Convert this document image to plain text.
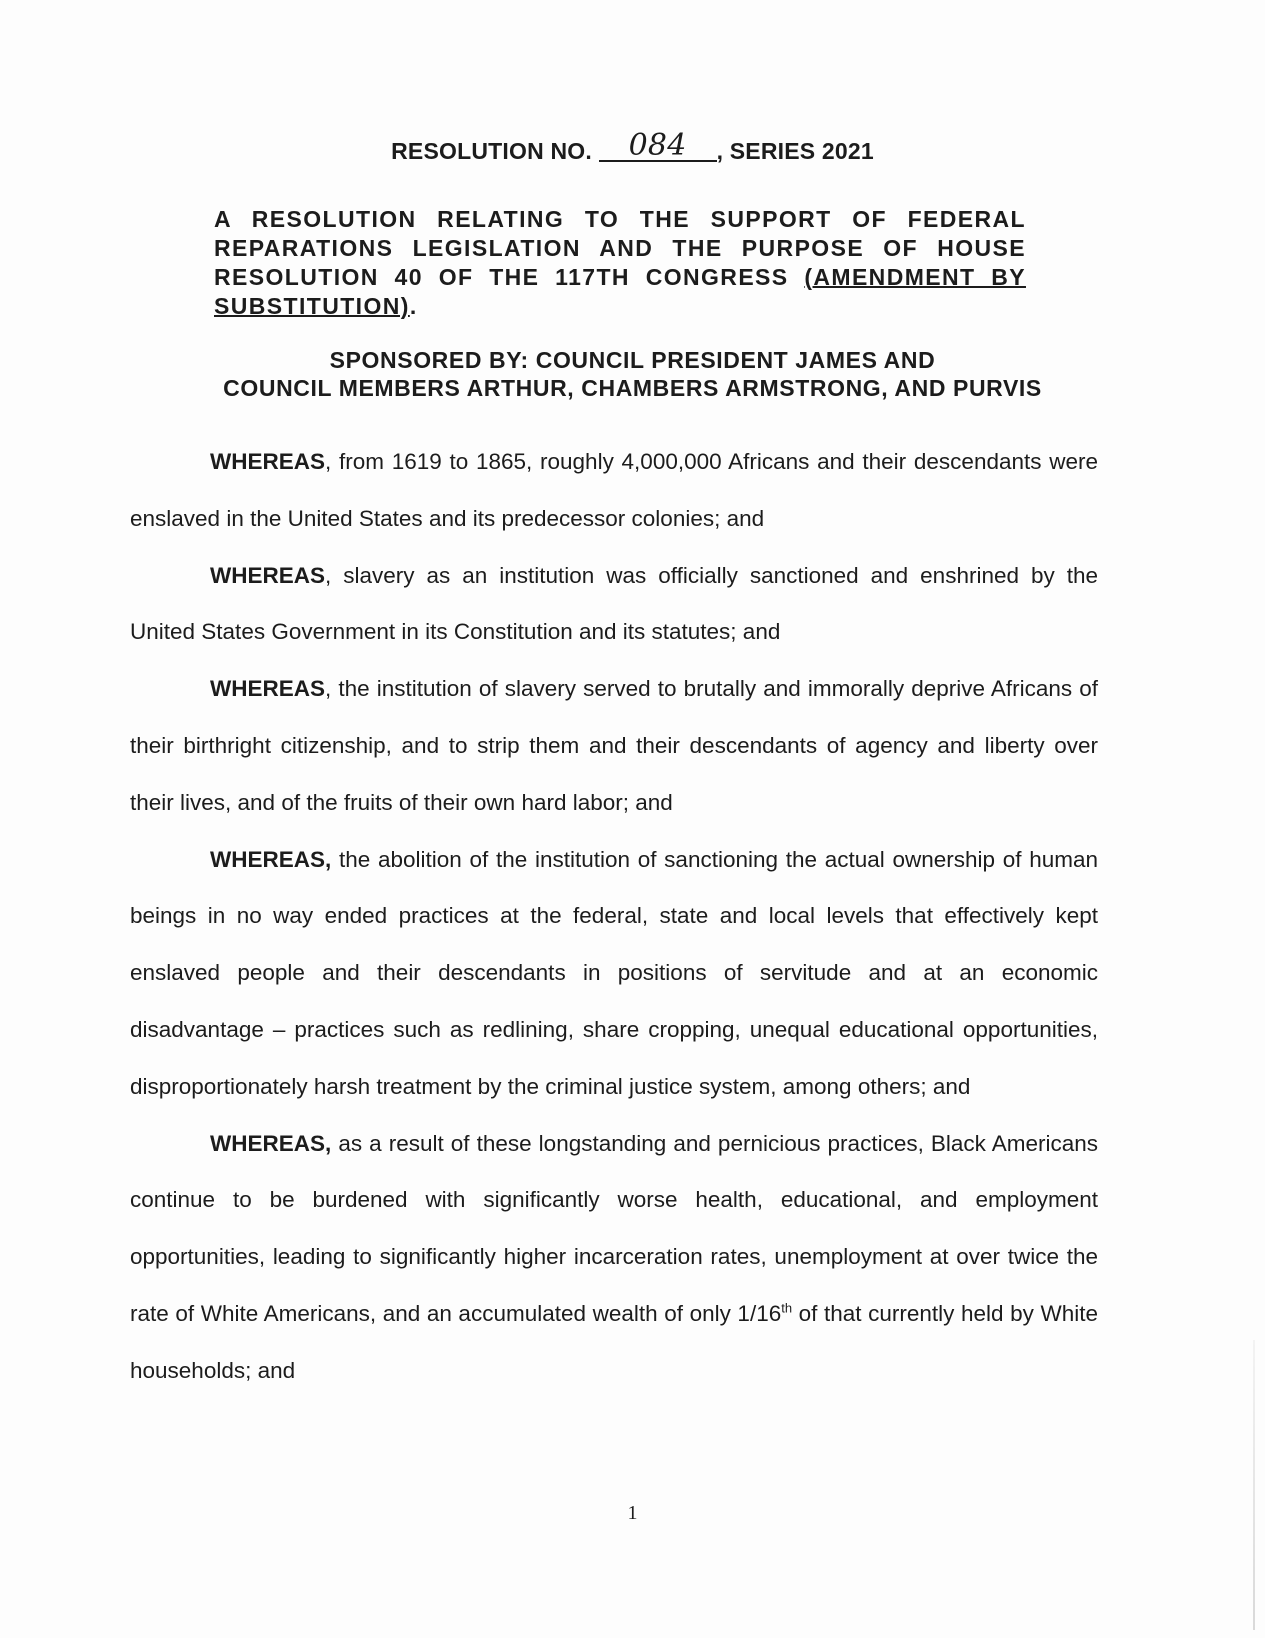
RESOLUTION NO. 084 , SERIES 2021
A RESOLUTION RELATING TO THE SUPPORT OF FEDERAL REPARATIONS LEGISLATION AND THE PURPOSE OF HOUSE RESOLUTION 40 OF THE 117TH CONGRESS (AMENDMENT BY SUBSTITUTION).
SPONSORED BY: COUNCIL PRESIDENT JAMES AND
COUNCIL MEMBERS ARTHUR, CHAMBERS ARMSTRONG, AND PURVIS

WHEREAS, from 1619 to 1865, roughly 4,000,000 Africans and their descendants were enslaved in the United States and its predecessor colonies; and

WHEREAS, slavery as an institution was officially sanctioned and enshrined by the United States Government in its Constitution and its statutes; and

WHEREAS, the institution of slavery served to brutally and immorally deprive Africans of their birthright citizenship, and to strip them and their descendants of agency and liberty over their lives, and of the fruits of their own hard labor; and

WHEREAS, the abolition of the institution of sanctioning the actual ownership of human beings in no way ended practices at the federal, state and local levels that effectively kept enslaved people and their descendants in positions of servitude and at an economic disadvantage – practices such as redlining, share cropping, unequal educational opportunities, disproportionately harsh treatment by the criminal justice system, among others; and

WHEREAS, as a result of these longstanding and pernicious practices, Black Americans continue to be burdened with significantly worse health, educational, and employment opportunities, leading to significantly higher incarceration rates, unemployment at over twice the rate of White Americans, and an accumulated wealth of only 1/16th of that currently held by White households; and

1
